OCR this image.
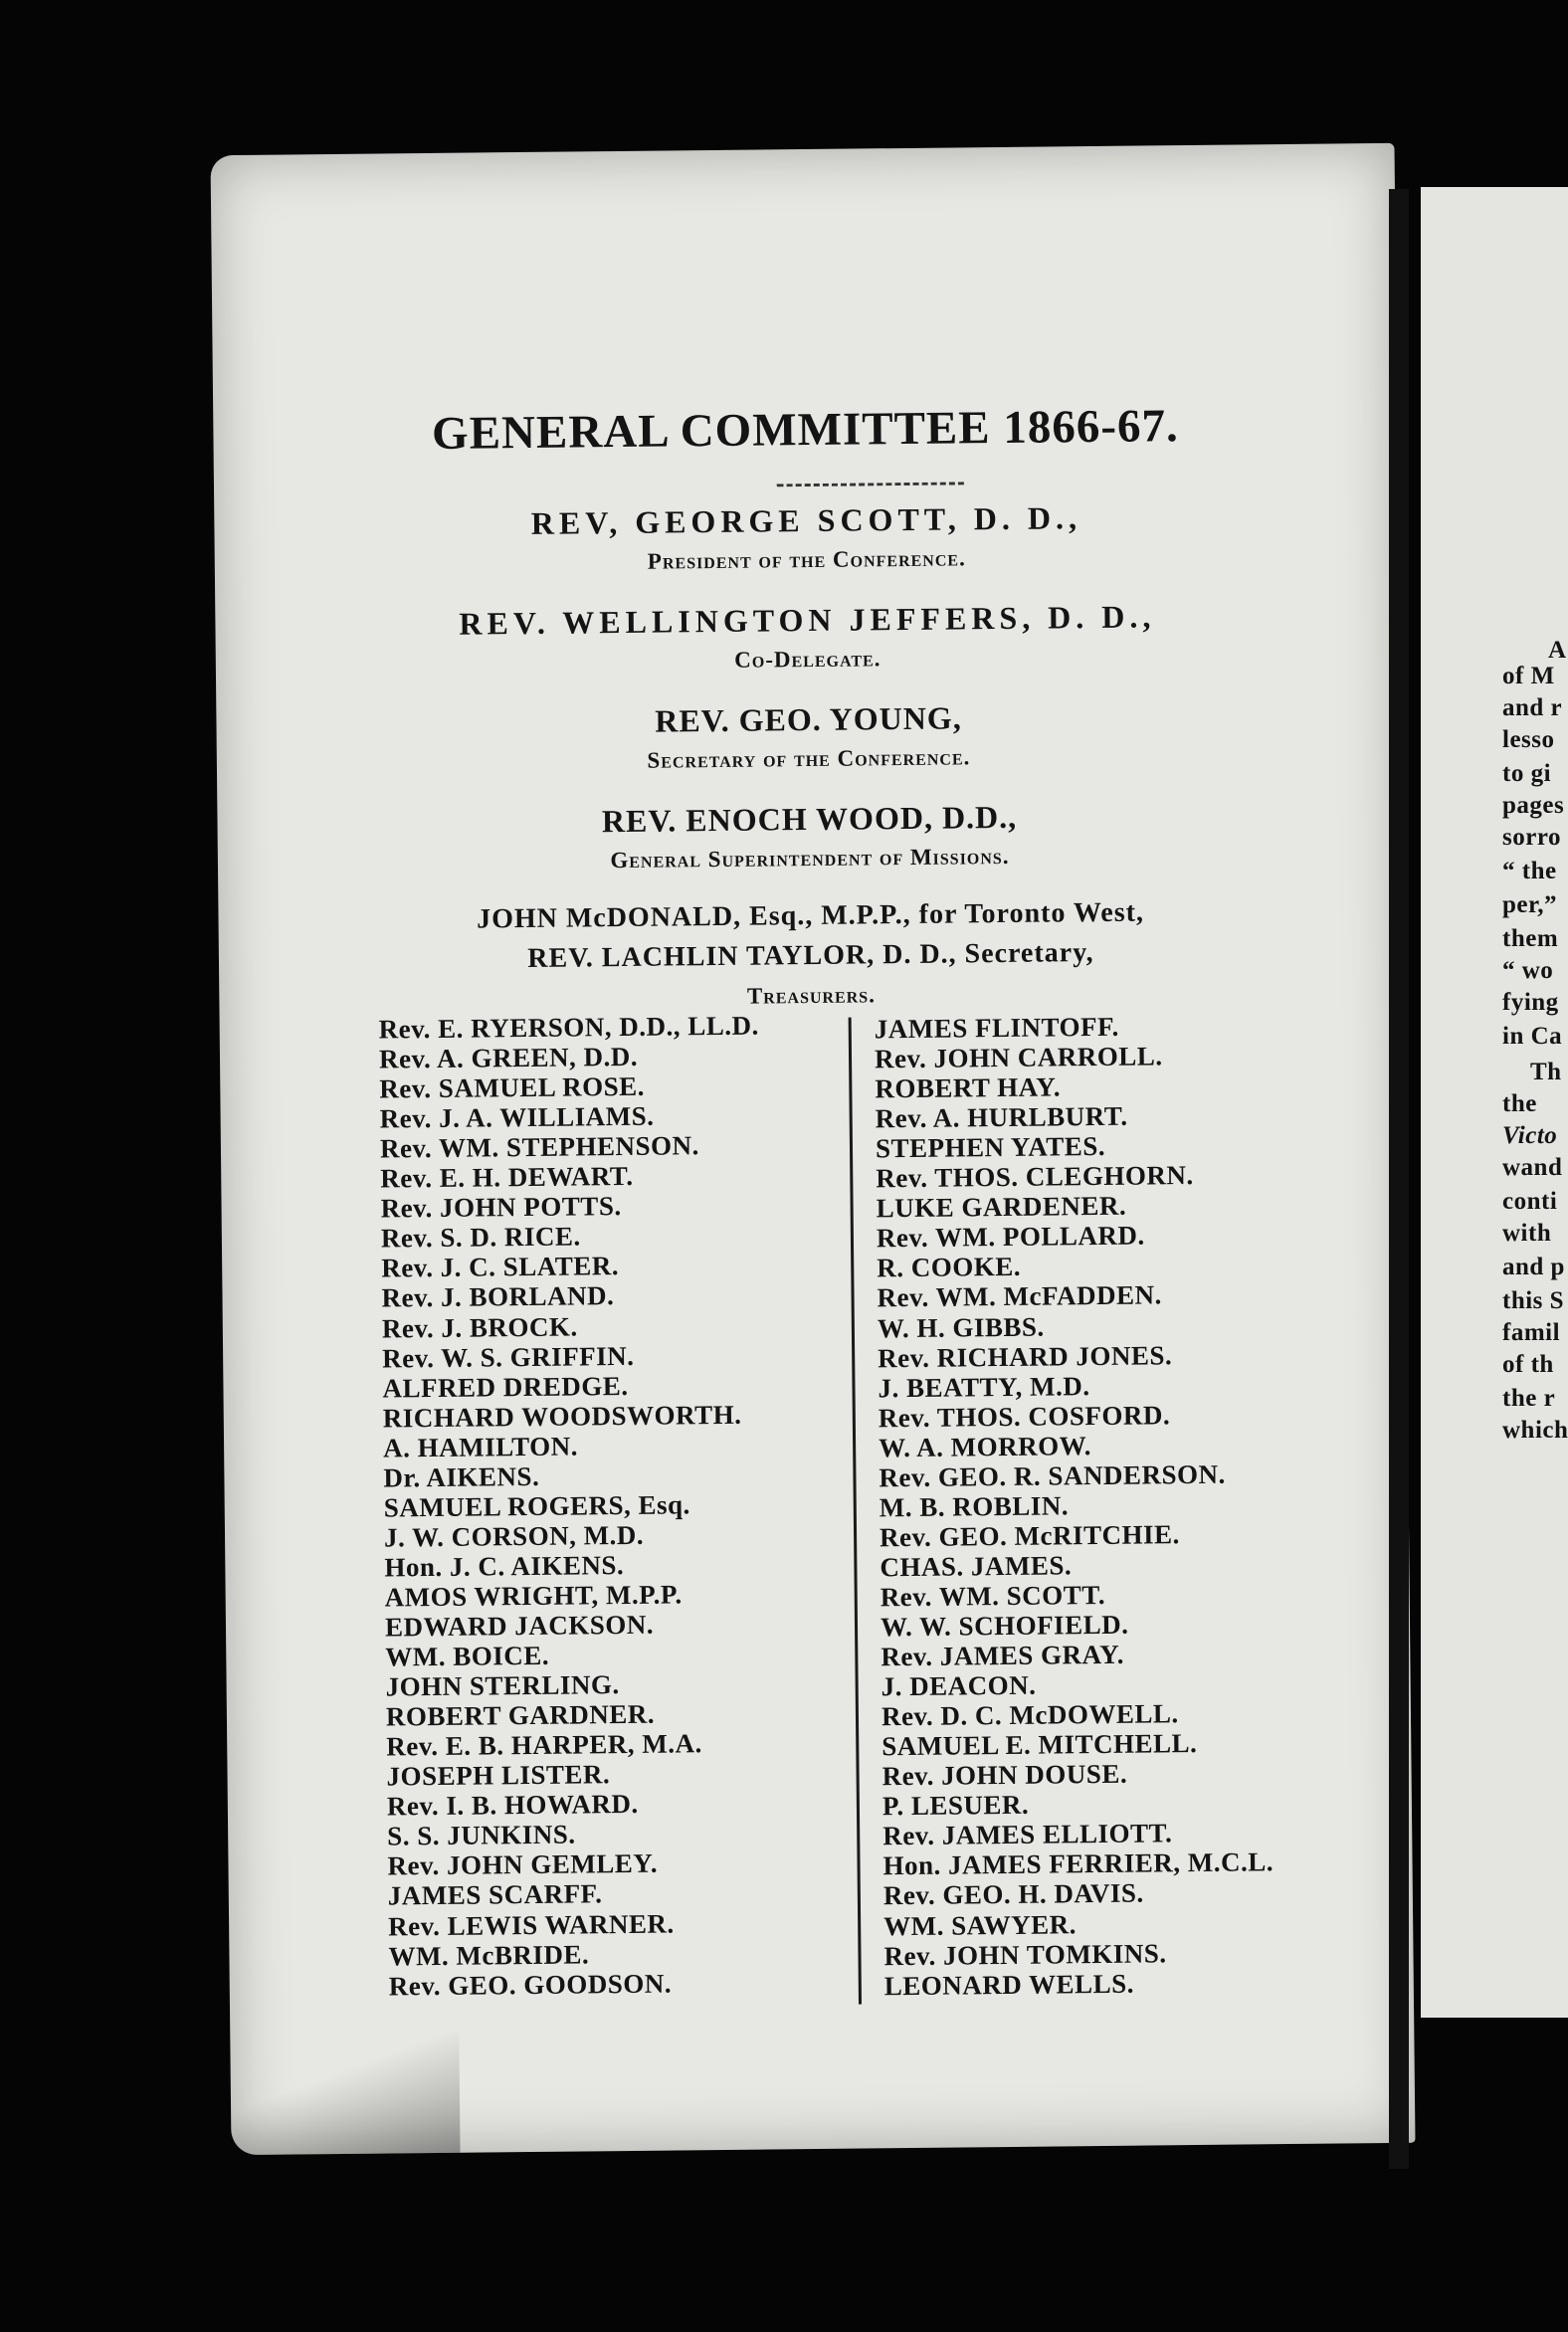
GENERAL COMMITTEE 1866-67.
REV, GEORGE SCOTT, D. D.,
President of the Conference.
REV. WELLINGTON JEFFERS, D. D.,
Co-Delegate.
REV. GEO. YOUNG,
Secretary of the Conference.
REV. ENOCH WOOD, D.D.,
General Superintendent of Missions.
JOHN McDONALD, Esq., M.P.P., for Toronto West,
REV. LACHLIN TAYLOR, D. D., Secretary,
Treasurers.
Rev. E. RYERSON, D.D., LL.D.
Rev. A. GREEN, D.D.
Rev. SAMUEL ROSE.
Rev. J. A. WILLIAMS.
Rev. WM. STEPHENSON.
Rev. E. H. DEWART.
Rev. JOHN POTTS.
Rev. S. D. RICE.
Rev. J. C. SLATER.
Rev. J. BORLAND.
Rev. J. BROCK.
Rev. W. S. GRIFFIN.
ALFRED DREDGE.
RICHARD WOODSWORTH.
A. HAMILTON.
Dr. AIKENS.
SAMUEL ROGERS, Esq.
J. W. CORSON, M.D.
Hon. J. C. AIKENS.
AMOS WRIGHT, M.P.P.
EDWARD JACKSON.
WM. BOICE.
JOHN STERLING.
ROBERT GARDNER.
Rev. E. B. HARPER, M.A.
JOSEPH LISTER.
Rev. I. B. HOWARD.
S. S. JUNKINS.
Rev. JOHN GEMLEY.
JAMES SCARFF.
Rev. LEWIS WARNER.
WM. McBRIDE.
Rev. GEO. GOODSON.
JAMES FLINTOFF.
Rev. JOHN CARROLL.
ROBERT HAY.
Rev. A. HURLBURT.
STEPHEN YATES.
Rev. THOS. CLEGHORN.
LUKE GARDENER.
Rev. WM. POLLARD.
R. COOKE.
Rev. WM. McFADDEN.
W. H. GIBBS.
Rev. RICHARD JONES.
J. BEATTY, M.D.
Rev. THOS. COSFORD.
W. A. MORROW.
Rev. GEO. R. SANDERSON.
M. B. ROBLIN.
Rev. GEO. McRITCHIE.
CHAS. JAMES.
Rev. WM. SCOTT.
W. W. SCHOFIELD.
Rev. JAMES GRAY.
J. DEACON.
Rev. D. C. McDOWELL.
SAMUEL E. MITCHELL.
Rev. JOHN DOUSE.
P. LESUER.
Rev. JAMES ELLIOTT.
Hon. JAMES FERRIER, M.C.L.
Rev. GEO. H. DAVIS.
WM. SAWYER.
Rev. JOHN TOMKINS.
LEONARD WELLS.
A
of M
and r
lesso
to gi
pages
sorro
“ the
per,”
them
“ wo
fying
in Ca
Th
the
Victo
wand
conti
with
and p
this S
famil
of th
the r
which
